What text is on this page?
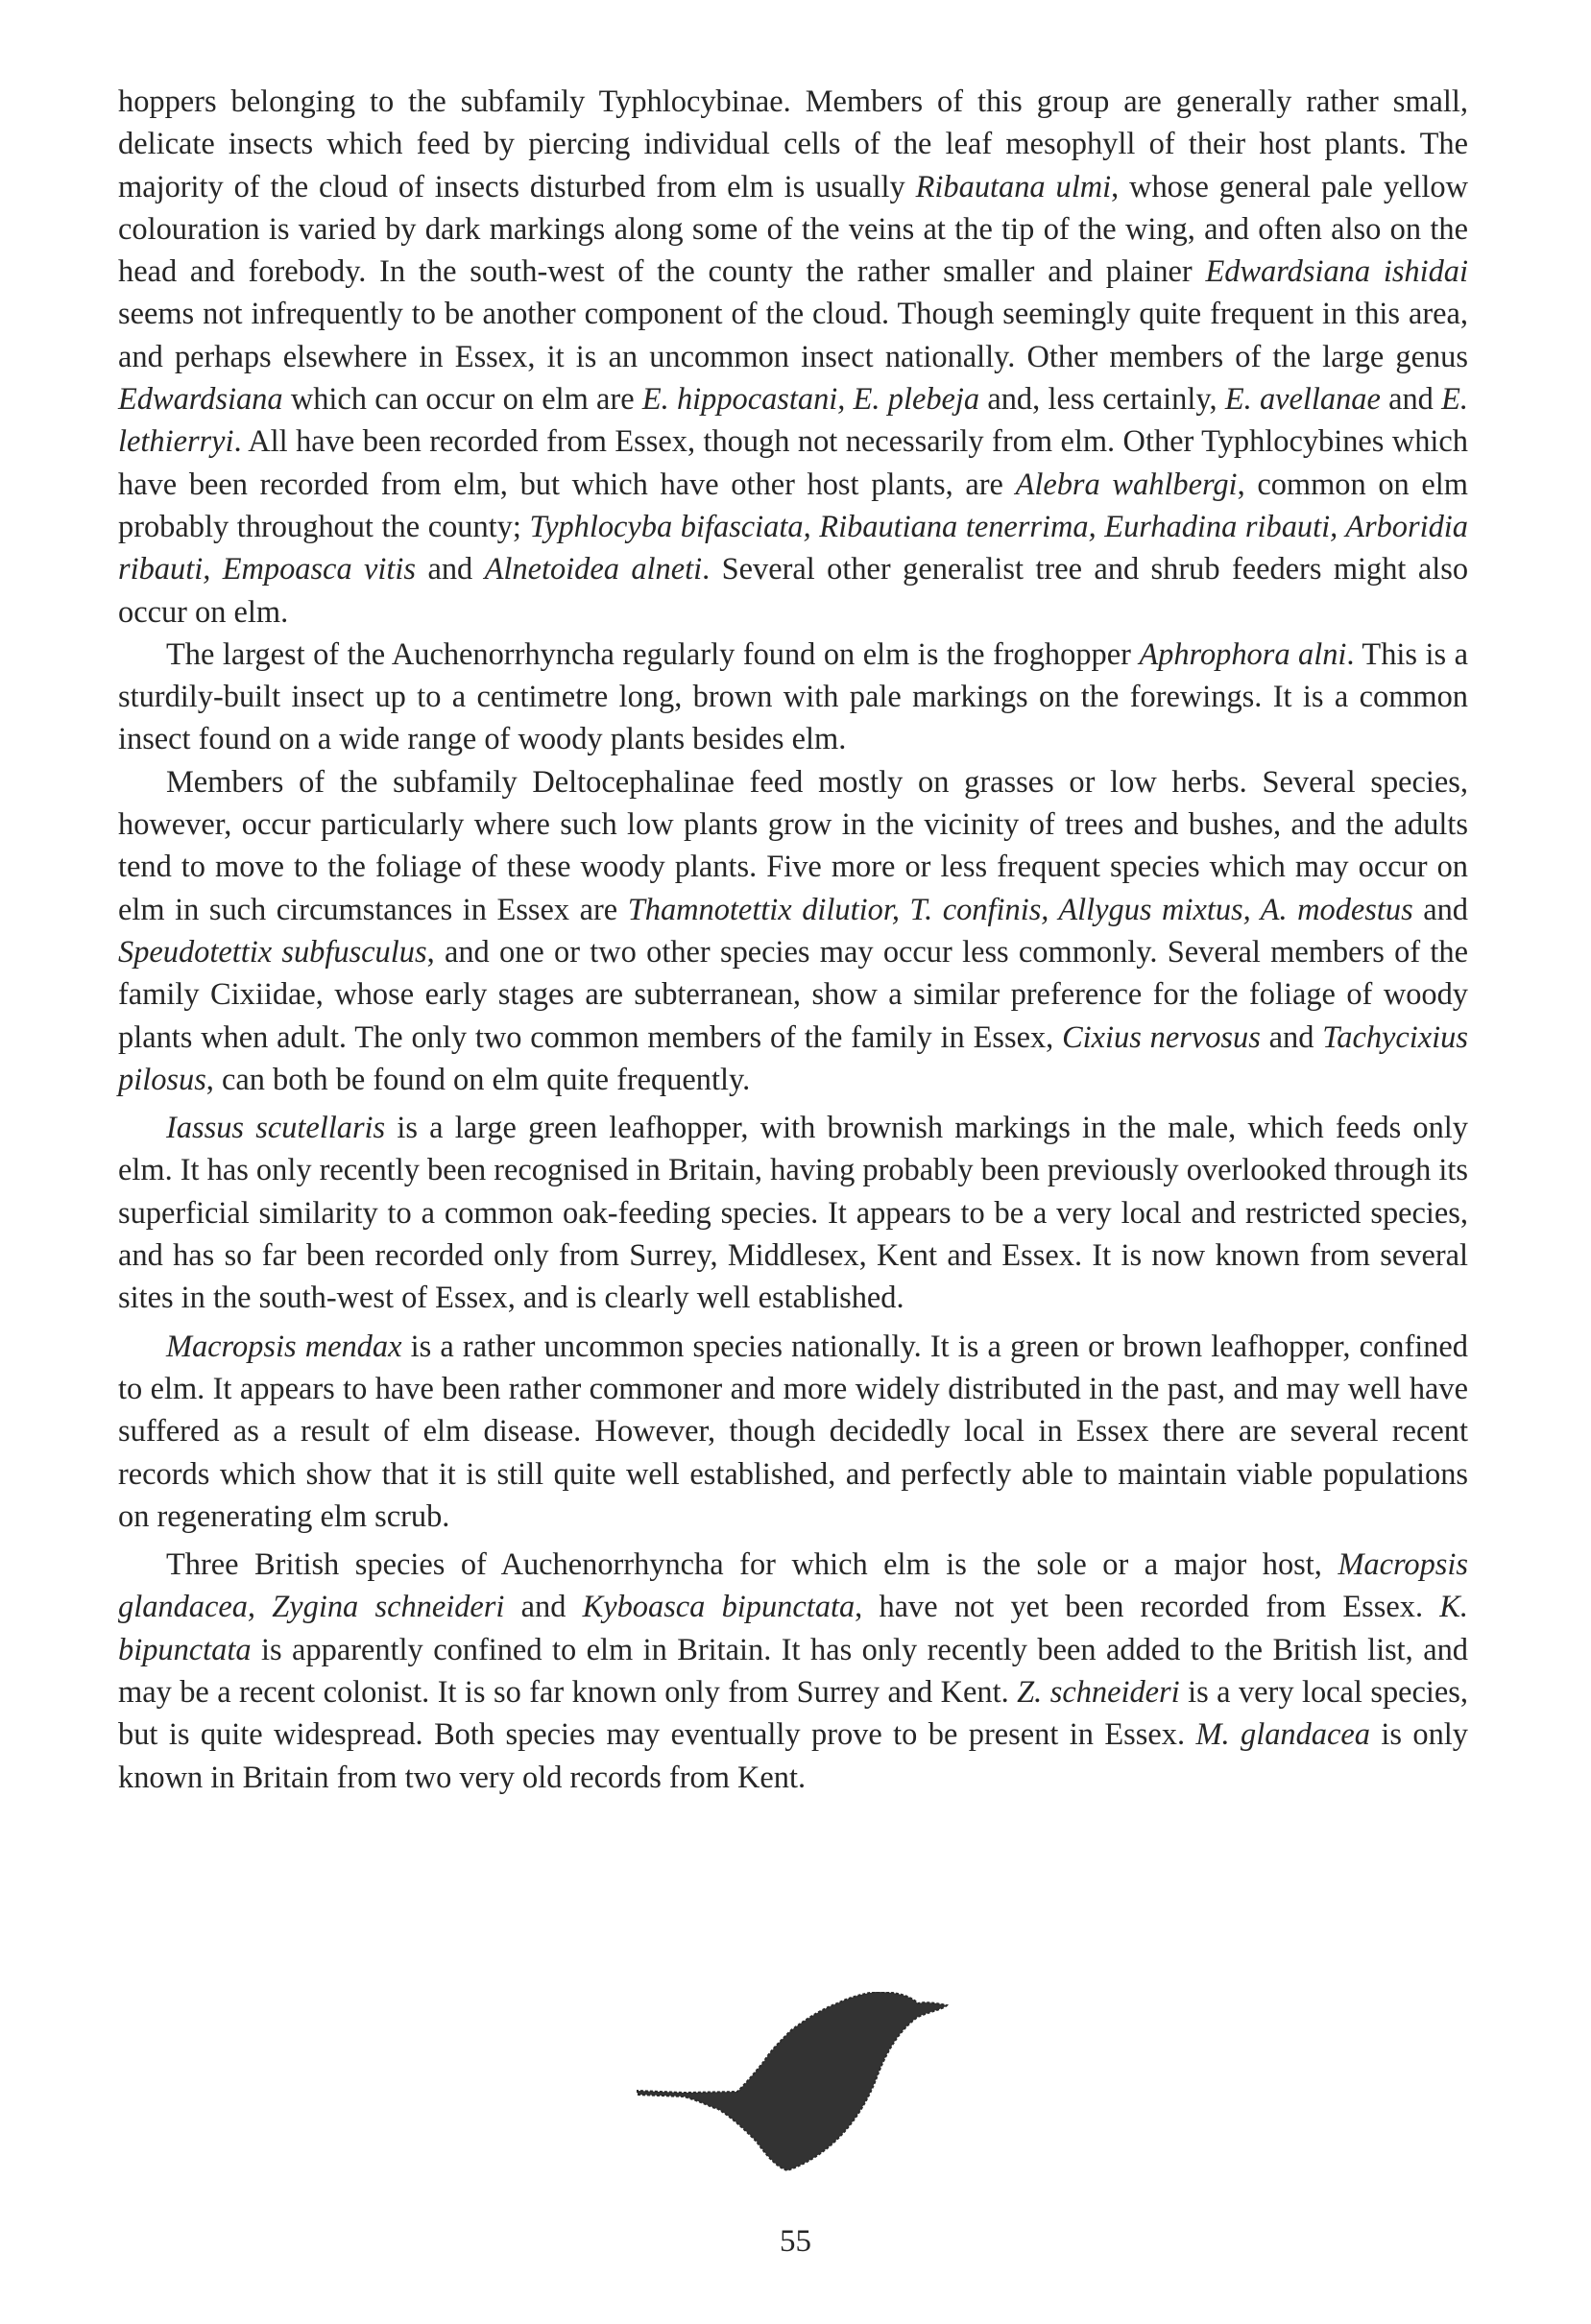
hoppers belonging to the subfamily Typhlocybinae. Members of this group are generally rather small, delicate insects which feed by piercing individual cells of the leaf mesophyll of their host plants. The majority of the cloud of insects disturbed from elm is usually Ribautana ulmi, whose general pale yellow colouration is varied by dark markings along some of the veins at the tip of the wing, and often also on the head and forebody. In the south-west of the county the rather smaller and plainer Edwardsiana ishidai seems not infrequently to be another component of the cloud. Though seemingly quite frequent in this area, and perhaps elsewhere in Essex, it is an uncommon insect nationally. Other members of the large genus Edwardsiana which can occur on elm are E. hippocastani, E. plebeja and, less certainly, E. avellanae and E. lethierryi. All have been recorded from Essex, though not necessarily from elm. Other Typhlocybines which have been recorded from elm, but which have other host plants, are Alebra wahlbergi, common on elm probably throughout the county; Typhlocyba bifasciata, Ribautiana tenerrima, Eurhadina ribauti, Arboridia ribauti, Empoasca vitis and Alnetoidea alneti. Several other generalist tree and shrub feeders might also occur on elm.

The largest of the Auchenorrhyncha regularly found on elm is the froghopper Aphrophora alni. This is a sturdily-built insect up to a centimetre long, brown with pale markings on the forewings. It is a common insect found on a wide range of woody plants besides elm.

Members of the subfamily Deltocephalinae feed mostly on grasses or low herbs. Several species, however, occur particularly where such low plants grow in the vicinity of trees and bushes, and the adults tend to move to the foliage of these woody plants. Five more or less frequent species which may occur on elm in such circumstances in Essex are Thamnotettix dilutior, T. confinis, Allygus mixtus, A. modestus and Speudotettix subfusculus, and one or two other species may occur less commonly. Several members of the family Cixiidae, whose early stages are subterranean, show a similar preference for the foliage of woody plants when adult. The only two common members of the family in Essex, Cixius nervosus and Tachycixius pilosus, can both be found on elm quite frequently.

Iassus scutellaris is a large green leafhopper, with brownish markings in the male, which feeds only elm. It has only recently been recognised in Britain, having probably been previously overlooked through its superficial similarity to a common oak-feeding species. It appears to be a very local and restricted species, and has so far been recorded only from Surrey, Middlesex, Kent and Essex. It is now known from several sites in the south-west of Essex, and is clearly well established.

Macropsis mendax is a rather uncommon species nationally. It is a green or brown leafhopper, confined to elm. It appears to have been rather commoner and more widely distributed in the past, and may well have suffered as a result of elm disease. However, though decidedly local in Essex there are several recent records which show that it is still quite well established, and perfectly able to maintain viable populations on regenerating elm scrub.

Three British species of Auchenorrhyncha for which elm is the sole or a major host, Macropsis glandacea, Zygina schneideri and Kyboasca bipunctata, have not yet been recorded from Essex. K. bipunctata is apparently confined to elm in Britain. It has only recently been added to the British list, and may be a recent colonist. It is so far known only from Surrey and Kent. Z. schneideri is a very local species, but is quite widespread. Both species may eventually prove to be present in Essex. M. glandacea is only known in Britain from two very old records from Kent.

55
